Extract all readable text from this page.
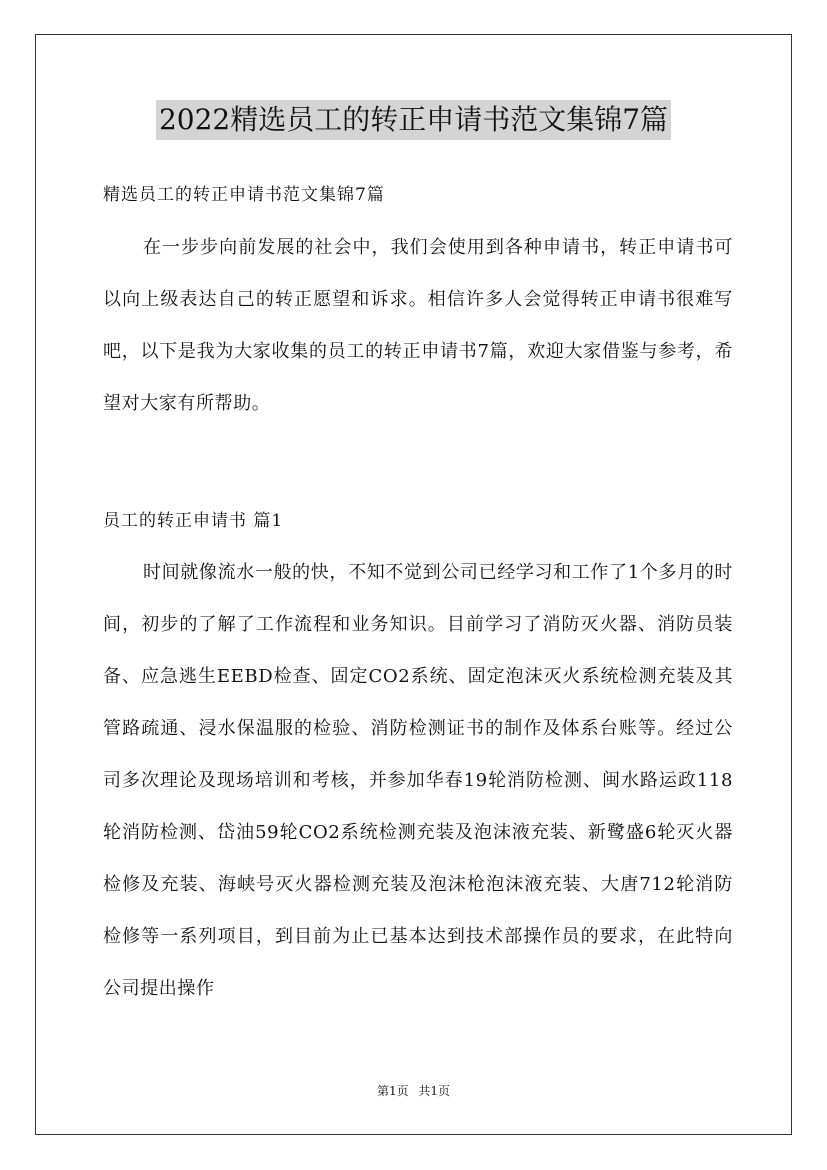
2022精选员工的转正申请书范文集锦7篇
精选员工的转正申请书范文集锦7篇

在一步步向前发展的社会中，我们会使用到各种申请书，转正申请书可以向上级表达自己的转正愿望和诉求。相信许多人会觉得转正申请书很难写吧，以下是我为大家收集的员工的转正申请书7篇，欢迎大家借鉴与参考，希望对大家有所帮助。

员工的转正申请书 篇1

时间就像流水一般的快，不知不觉到公司已经学习和工作了1个多月的时间，初步的了解了工作流程和业务知识。目前学习了消防灭火器、消防员装备、应急逃生EEBD检查、固定CO2系统、固定泡沫灭火系统检测充装及其管路疏通、浸水保温服的检验、消防检测证书的制作及体系台账等。经过公司多次理论及现场培训和考核，并参加华春19轮消防检测、闽水路运政118轮消防检测、岱油59轮CO2系统检测充装及泡沫液充装、新鹭盛6轮灭火器检修及充装、海峡号灭火器检测充装及泡沫枪泡沫液充装、大唐712轮消防检修等一系列项目，到目前为止已基本达到技术部操作员的要求，在此特向公司提出操作

第1页 共1页
